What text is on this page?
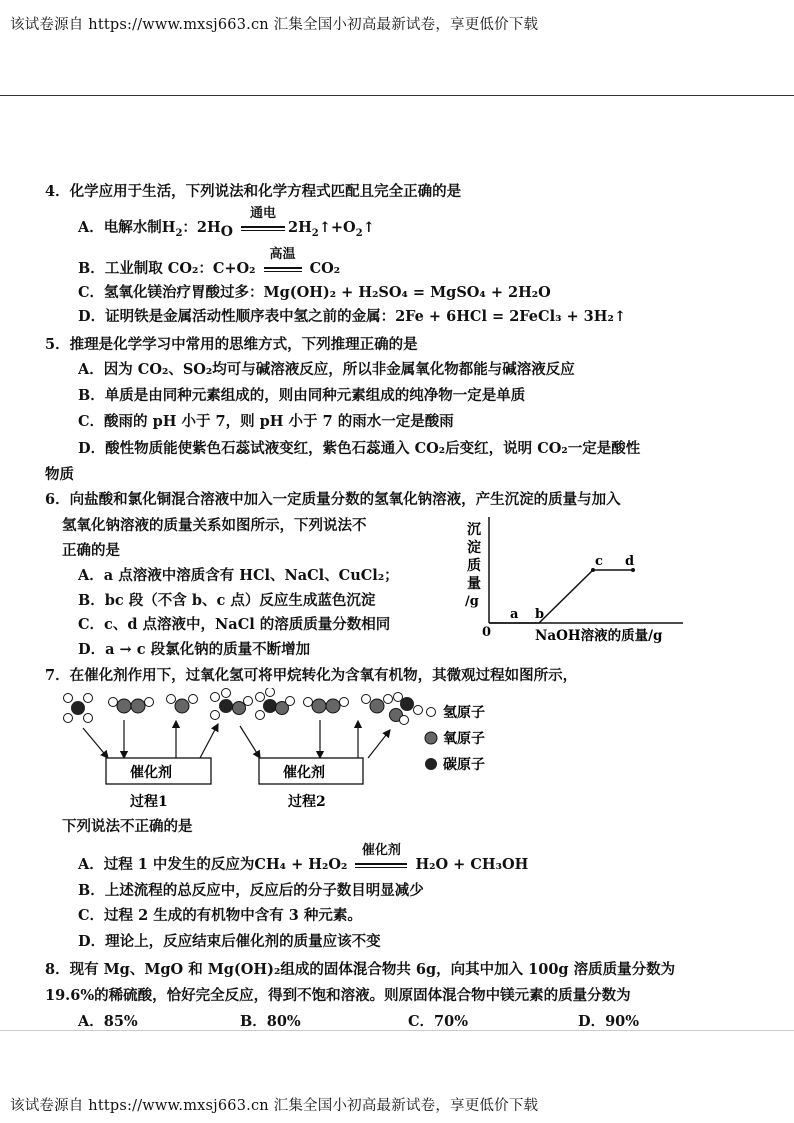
该试卷源自 https://www.mxsj663.cn 汇集全国小初高最新试卷，享更低价下载
4．化学应用于生活，下列说法和化学方程式匹配且完全正确的是
A．电解水制$H_2$：$2H_O$
通电
$2H_2↑+O_2↑$
B．工业制取 CO₂：C+O₂
高温
CO₂
C．氢氧化镁治疗胃酸过多：Mg(OH)₂ + H₂SO₄ = MgSO₄ + 2H₂O
D．证明铁是金属活动性顺序表中氢之前的金属：2Fe + 6HCl = 2FeCl₃ + 3H₂↑
5．推理是化学学习中常用的思维方式，下列推理正确的是
A．因为 CO₂、SO₂均可与碱溶液反应，所以非金属氧化物都能与碱溶液反应
B．单质是由同种元素组成的，则由同种元素组成的纯净物一定是单质
C．酸雨的 pH 小于 7，则 pH 小于 7 的雨水一定是酸雨
D．酸性物质能使紫色石蕊试液变红，紫色石蕊通入 CO₂后变红，说明 CO₂一定是酸性
物质
6．向盐酸和氯化铜混合溶液中加入一定质量分数的氢氧化钠溶液，产生沉淀的质量与加入
氢氧化钠溶液的质量关系如图所示，下列说法不
正确的是
A．a 点溶液中溶质含有 HCl、NaCl、CuCl₂；
B．bc 段（不含 b、c 点）反应生成蓝色沉淀
C．c、d 点溶液中，NaCl 的溶质质量分数相同
D．a → c 段氯化钠的质量不断增加
沉
淀
质
量
/g
0
a b
c d
NaOH溶液的质量/g
7．在催化剂作用下，过氧化氢可将甲烷转化为含氧有机物，其微观过程如图所示，
催化剂
过程1
催化剂
过程2
氢原子
氧原子
碳原子
下列说法不正确的是
A．过程 1 中发生的反应为CH₄ + H₂O₂
催化剂
H₂O + CH₃OH
B．上述流程的总反应中，反应后的分子数目明显减少
C．过程 2 生成的有机物中含有 3 种元素。
D．理论上，反应结束后催化剂的质量应该不变
8．现有 Mg、MgO 和 Mg(OH)₂组成的固体混合物共 6g，向其中加入 100g 溶质质量分数为
19.6%的稀硫酸，恰好完全反应，得到不饱和溶液。则原固体混合物中镁元素的质量分数为
A．85%	B．80%	C．70%	D．90%
该试卷源自 https://www.mxsj663.cn 汇集全国小初高最新试卷，享更低价下载
